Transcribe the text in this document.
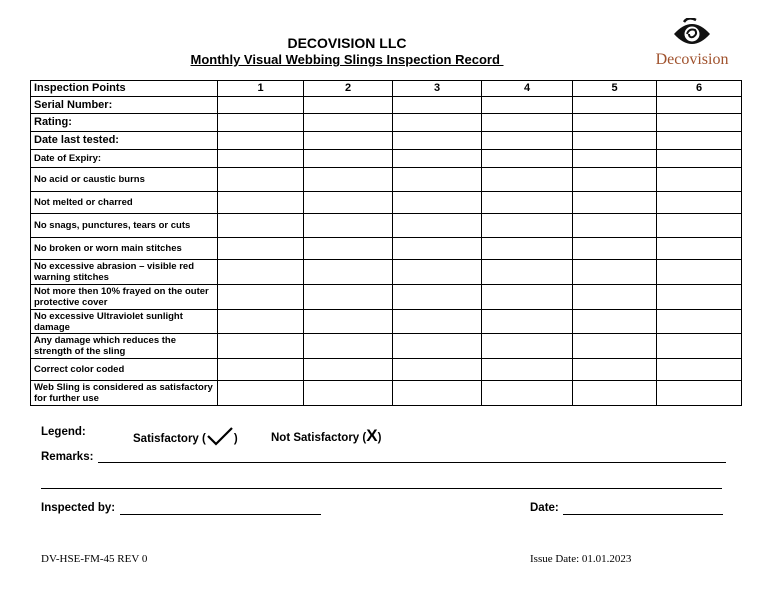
DECOVISION LLC
Monthly Visual Webbing Slings Inspection Record	Decovision
Inspection Points	1	2	3	4	5	6
Serial Number:						
Rating:						
Date last tested:						
Date of Expiry:						
No acid or caustic burns						
Not melted or charred						
No snags, punctures, tears or cuts						
No broken or worn main stitches						
No excessive abrasion – visible red warning stitches						
Not more then 10% frayed on the outer protective cover						
No excessive Ultraviolet sunlight damage						
Any damage which reduces the strength of the sling						
Correct color coded						
Web Sling is considered as satisfactory for further use						
Legend:
Satisfactory ( )	Not Satisfactory (X)
Remarks:
Inspected by:	Date:
DV-HSE-FM-45 REV 0	Issue Date: 01.01.2023
